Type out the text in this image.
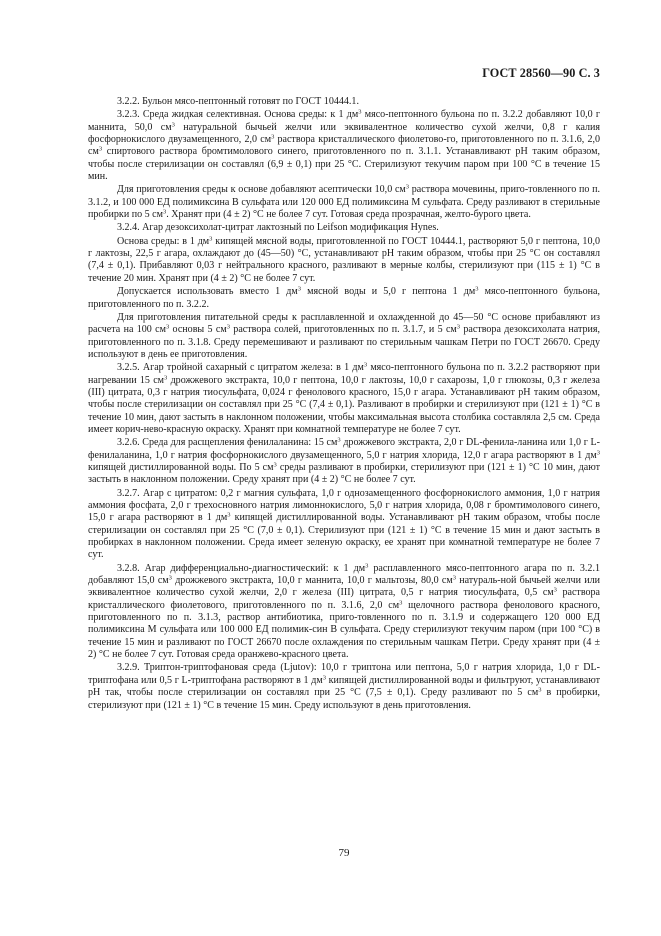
ГОСТ 28560—90 С. 3

3.2.2. Бульон мясо-пептонный готовят по ГОСТ 10444.1.

3.2.3. Среда жидкая селективная. Основа среды: к 1 $дм^3$ мясо-пептонного бульона по п. 3.2.2 добавляют 10,0 г маннита, 50,0 $см^3$ натуральной бычьей желчи или эквивалентное количество сухой желчи, 0,8 г калия фосфорнокислого двузамещенного, 2,0 $см^3$ раствора кристаллического фиолетово-го, приготовленного по п. 3.1.6, 2,0 $см^3$ спиртового раствора бромтимолового синего, приготовленного по п. 3.1.1. Устанавливают pH таким образом, чтобы после стерилизации он составлял (6,9 ± 0,1) при 25 °С. Стерилизуют текучим паром при 100 °С в течение 15 мин.

Для приготовления среды к основе добавляют асептически 10,0 $см^3$ раствора мочевины, приго-товленного по п. 3.1.2, и 100 000 ЕД полимиксина В сульфата или 120 000 ЕД полимиксина М сульфата. Среду разливают в стерильные пробирки по 5 $см^3$. Хранят при (4 ± 2) °С не более 7 сут. Готовая среда прозрачная, желто-бурого цвета.

3.2.4. Агар дезоксихолат-цитрат лактозный по Leifson модификация Hynes.

Основа среды: в 1 $дм^3$ кипящей мясной воды, приготовленной по ГОСТ 10444.1, растворяют 5,0 г пептона, 10,0 г лактозы, 22,5 г агара, охлаждают до (45—50) °С, устанавливают pH таким образом, чтобы при 25 °С он составлял (7,4 ± 0,1). Прибавляют 0,03 г нейтрального красного, разливают в мерные колбы, стерилизуют при (115 ± 1) °С в течение 20 мин. Хранят при (4 ± 2) °С не более 7 сут.

Допускается использовать вместо 1 $дм^3$ мясной воды и 5,0 г пептона 1 $дм^3$ мясо-пептонного бульона, приготовленного по п. 3.2.2.

Для приготовления питательной среды к расплавленной и охлажденной до 45—50 °С основе прибавляют из расчета на 100 $см^3$ основы 5 $см^3$ раствора солей, приготовленных по п. 3.1.7, и 5 $см^3$ раствора дезоксихолата натрия, приготовленного по п. 3.1.8. Среду перемешивают и разливают по стерильным чашкам Петри по ГОСТ 26670. Среду используют в день ее приготовления.

3.2.5. Агар тройной сахарный с цитратом железа: в 1 $дм^3$ мясо-пептонного бульона по п. 3.2.2 растворяют при нагревании 15 $см^3$ дрожжевого экстракта, 10,0 г пептона, 10,0 г лактозы, 10,0 г сахарозы, 1,0 г глюкозы, 0,3 г железа (III) цитрата, 0,3 г натрия тиосульфата, 0,024 г фенолового красного, 15,0 г агара. Устанавливают pH таким образом, чтобы после стерилизации он составлял при 25 °С (7,4 ± 0,1). Разливают в пробирки и стерилизуют при (121 ± 1) °С в течение 10 мин, дают застыть в наклонном положении, чтобы максимальная высота столбика составляла 2,5 см. Среда имеет корич-нево-красную окраску. Хранят при комнатной температуре не более 7 сут.

3.2.6. Среда для расщепления фенилаланина: 15 $см^3$ дрожжевого экстракта, 2,0 г DL-фенила-ланина или 1,0 г L-фенилаланина, 1,0 г натрия фосфорнокислого двузамещенного, 5,0 г натрия хлорида, 12,0 г агара растворяют в 1 $дм^3$ кипящей дистиллированной воды. По 5 $см^3$ среды разливают в пробирки, стерилизуют при (121 ± 1) °С 10 мин, дают застыть в наклонном положении. Среду хранят при (4 ± 2) °С не более 7 сут.

3.2.7. Агар с цитратом: 0,2 г магния сульфата, 1,0 г однозамещенного фосфорнокислого аммония, 1,0 г натрия аммония фосфата, 2,0 г трехосновного натрия лимоннокислого, 5,0 г натрия хлорида, 0,08 г бромтимолового синего, 15,0 г агара растворяют в 1 $дм^3$ кипящей дистиллированной воды. Устанавливают pH таким образом, чтобы после стерилизации он составлял при 25 °С (7,0 ± 0,1). Стерилизуют при (121 ± 1) °С в течение 15 мин и дают застыть в пробирках в наклонном положении. Среда имеет зеленую окраску, ее хранят при комнатной температуре не более 7 сут.

3.2.8. Агар дифференциально-диагностический: к 1 $дм^3$ расплавленного мясо-пептонного агара по п. 3.2.1 добавляют 15,0 $см^3$ дрожжевого экстракта, 10,0 г маннита, 10,0 г мальтозы, 80,0 $см^3$ натураль-ной бычьей желчи или эквивалентное количество сухой желчи, 2,0 г железа (III) цитрата, 0,5 г натрия тиосульфата, 0,5 $см^3$ раствора кристаллического фиолетового, приготовленного по п. 3.1.6, 2,0 $см^3$ щелочного раствора фенолового красного, приготовленного по п. 3.1.3, раствор антибиотика, приго-товленного по п. 3.1.9 и содержащего 120 000 ЕД полимиксина М сульфата или 100 000 ЕД полимик-син В сульфата. Среду стерилизуют текучим паром (при 100 °С) в течение 15 мин и разливают по ГОСТ 26670 после охлаждения по стерильным чашкам Петри. Среду хранят при (4 ± 2) °С не более 7 сут. Готовая среда оранжево-красного цвета.

3.2.9. Триптон-триптофановая среда (Ljutov): 10,0 г триптона или пептона, 5,0 г натрия хлорида, 1,0 г DL-триптофана или 0,5 г L-триптофана растворяют в 1 $дм^3$ кипящей дистиллированной воды и фильтруют, устанавливают pH так, чтобы после стерилизации он составлял при 25 °С (7,5 ± 0,1). Среду разливают по 5 $см^3$ в пробирки, стерилизуют при (121 ± 1) °С в течение 15 мин. Среду используют в день приготовления.

79
